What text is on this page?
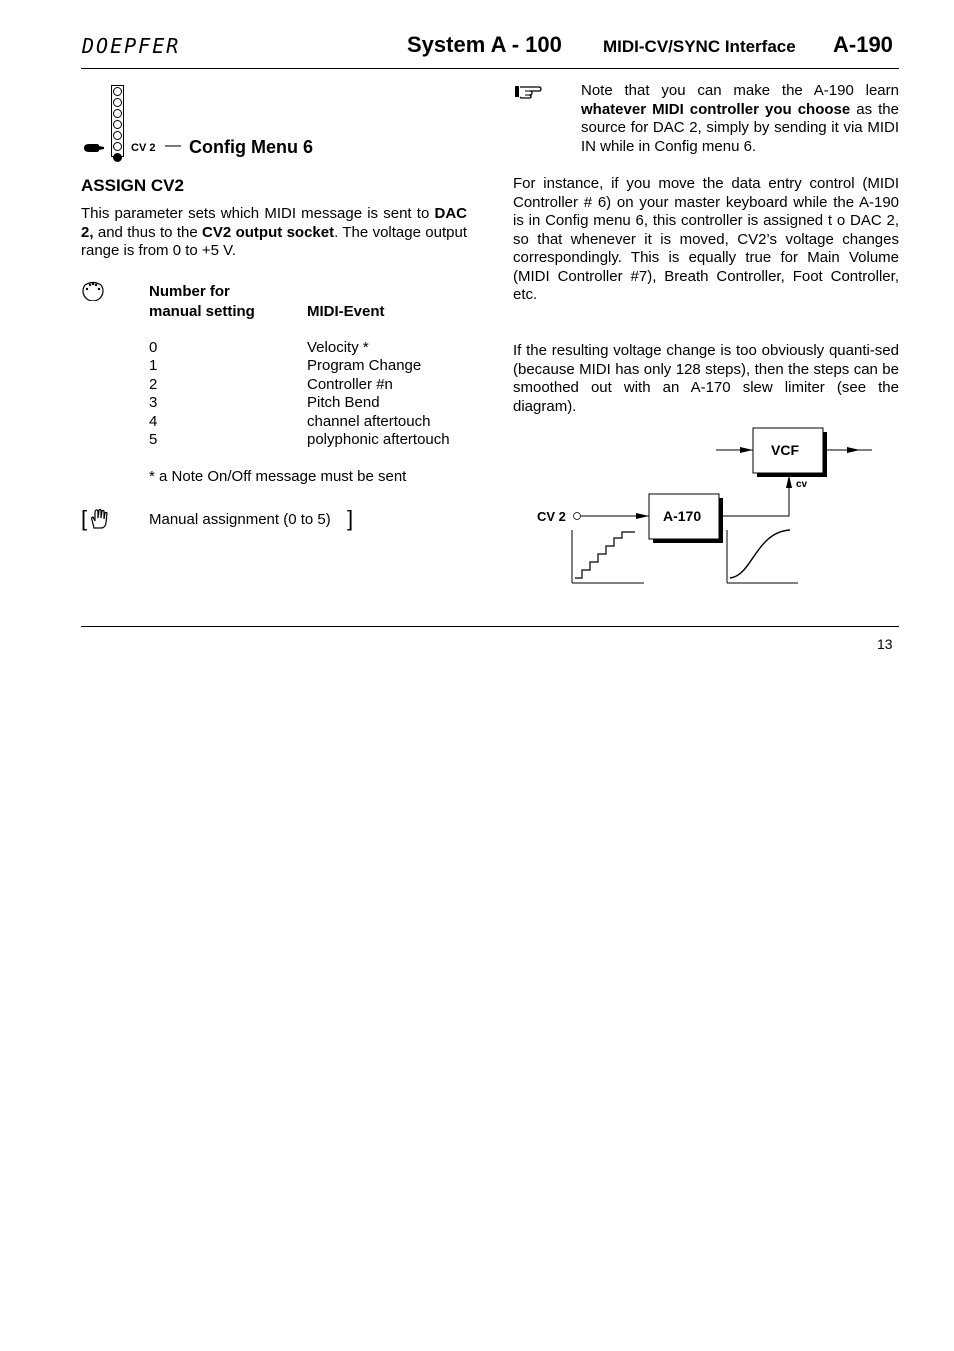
DOEPFER	System A - 100 MIDI-CV/SYNC Interface A-190
CV 2 — Config Menu 6
ASSIGN CV2
This parameter sets which MIDI message is sent to DAC 2, and thus to the CV2 output socket. The voltage output range is from 0 to +5 V.
Number for
manual setting	MIDI-Event
0	Velocity *
1	Program Change
2	Controller #n
3	Pitch Bend
4	channel aftertouch
5	polyphonic aftertouch
* a Note On/Off message must be sent
[	Manual assignment (0 to 5) ]
Note that you can make the A-190 learn whatever MIDI controller you choose as the source for DAC 2, simply by sending it via MIDI IN while in Config menu 6.
For instance, if you move the data entry control (MIDI Controller # 6) on your master keyboard while the A-190 is in Config menu 6, this controller is assigned t o DAC 2, so that whenever it is moved, CV2’s voltage changes correspondingly. This is equally true for Main Volume (MIDI Controller #7), Breath Controller, Foot Controller, etc.
If the resulting voltage change is too obviously quanti-sed (because MIDI has only 128 steps), then the steps can be smoothed out with an A-170 slew limiter (see the diagram).
VCF
cv
A-170
CV 2
13
